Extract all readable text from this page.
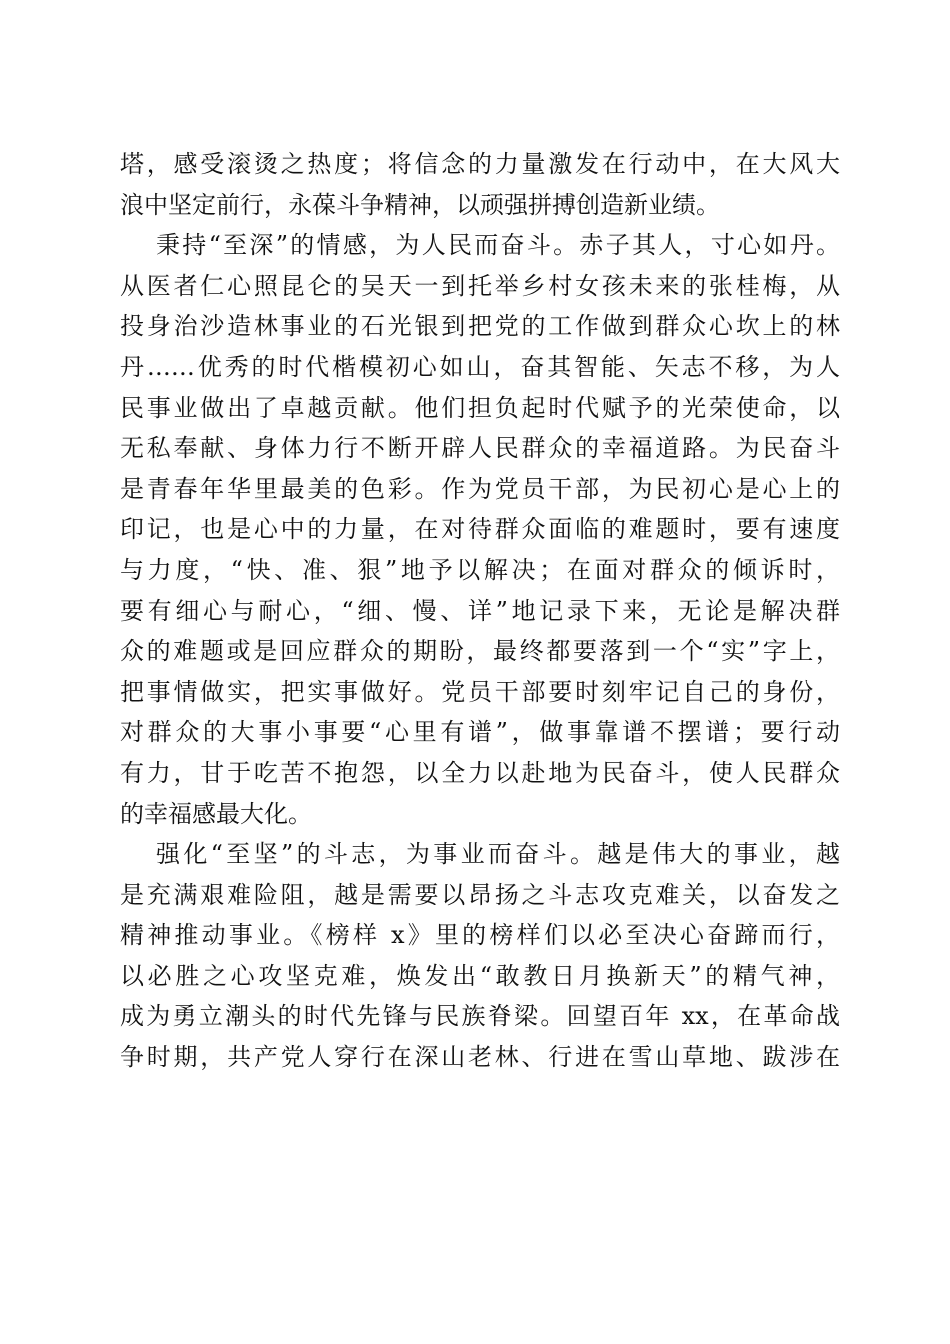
塔，感受滚烫之热度；将信念的力量激发在行动中，在大风大
浪中坚定前行，永葆斗争精神，以顽强拼搏创造新业绩。
秉持“至深”的情感，为人民而奋斗。赤子其人，寸心如丹。
从医者仁心照昆仑的吴天一到托举乡村女孩未来的张桂梅，从
投身治沙造林事业的石光银到把党的工作做到群众心坎上的林
丹……优秀的时代楷模初心如山，奋其智能、矢志不移，为人
民事业做出了卓越贡献。他们担负起时代赋予的光荣使命，以
无私奉献、身体力行不断开辟人民群众的幸福道路。为民奋斗
是青春年华里最美的色彩。作为党员干部，为民初心是心上的
印记，也是心中的力量，在对待群众面临的难题时，要有速度
与力度，“快、准、狠”地予以解决；在面对群众的倾诉时，
要有细心与耐心，“细、慢、详”地记录下来，无论是解决群
众的难题或是回应群众的期盼，最终都要落到一个“实”字上，
把事情做实，把实事做好。党员干部要时刻牢记自己的身份，
对群众的大事小事要“心里有谱”，做事靠谱不摆谱；要行动
有力，甘于吃苦不抱怨，以全力以赴地为民奋斗，使人民群众
的幸福感最大化。
强化“至坚”的斗志，为事业而奋斗。越是伟大的事业，越
是充满艰难险阻，越是需要以昂扬之斗志攻克难关，以奋发之
精神推动事业。《榜样 x》里的榜样们以必至决心奋蹄而行，
以必胜之心攻坚克难，焕发出“敢教日月换新天”的精气神，
成为勇立潮头的时代先锋与民族脊梁。回望百年 xx，在革命战
争时期，共产党人穿行在深山老林、行进在雪山草地、跋涉在
